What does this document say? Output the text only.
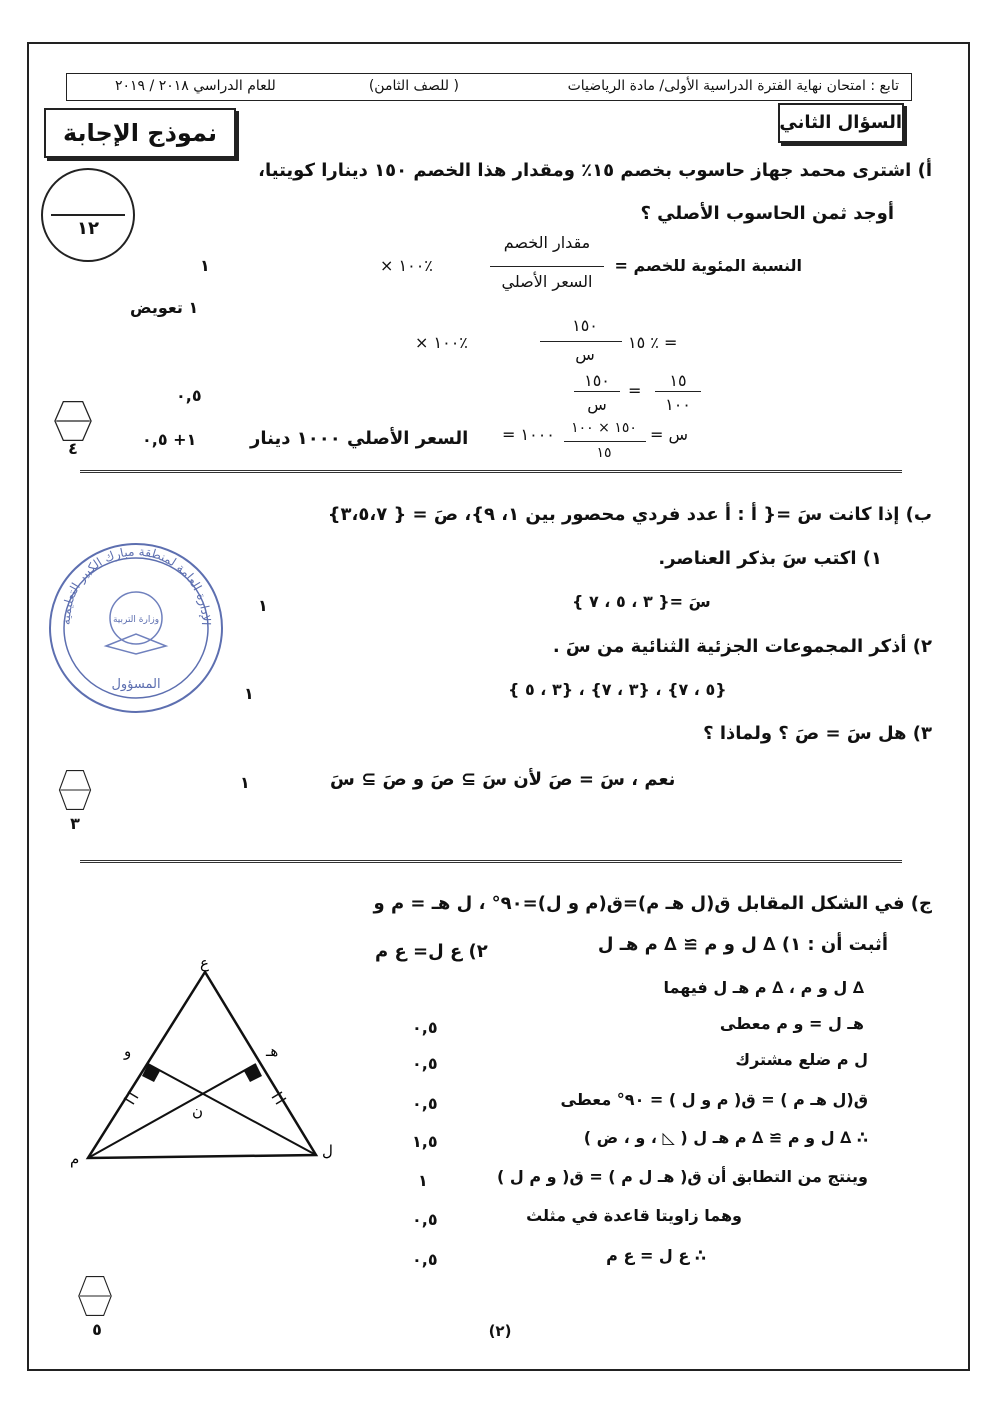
تابع : امتحان نهاية الفترة الدراسية الأولى/ مادة الرياضيات
( للصف الثامن)
للعام الدراسي ٢٠١٨ / ٢٠١٩
نموذج الإجابة	السؤال الثاني
١٢
أ) اشترى محمد جهاز حاسوب بخصم ١٥٪ ومقدار هذا الخصم ١٥٠ دينارا كويتيا،
أوجد ثمن الحاسوب الأصلي ؟
النسبة المئوية للخصم =
مقدار الخصم
السعر الأصلي
× ١٠٠٪
١
١ تعويض
١٥ ٪ =
١٥٠
س
× ١٠٠٪
١٥
١٠٠
=
١٥٠
س
٠,٥
س =
١٥٠ × ١٠٠
١٥
= ١٠٠٠
السعر الأصلي ١٠٠٠ دينار
١+ ٠,٥
٤
ب) إذا كانت سَ ={ أ : أ عدد فردي محصور بين ١، ٩}، صَ = { ٣،٥،٧}
١) اكتب سَ بذكر العناصر.
سَ ={ ٣ ، ٥ ، ٧ }
١
٢) أذكر المجموعات الجزئية الثنائية من سَ .
{ ٣ ، ٥} ، {٣ ، ٧} ، {٥ ، ٧}
١
٣) هل سَ = صَ ؟ ولماذا ؟
نعم ، سَ = صَ لأن سَ ⊇ صَ و صَ ⊇ سَ
١
٣
الإدارة العامة لمنطقة مبارك الكبير التعليمية
وزارة التربية
المسؤول
ج) في الشكل المقابل ق(ل هـ م)=ق(م و ل)=٩٠° ، ل هـ = م و
أثبت أن : ١) ∆ ل و م ≅ ∆ م هـ ل
٢) ع ل= ع م
∆ ل و م ، ∆ م هـ ل فيهما
هـ ل = و م معطى
٠,٥
ل م ضلع مشترك
٠,٥
ق(ل هـ م ) = ق( م و ل ) = ٩٠° معطى
٠,٥
∴ ∆ ل و م ≅ ∆ م هـ ل ( ◺ ، و ، ض )
١,٥
وينتج من التطابق أن ق( هـ ل م ) = ق( و م ل )
١
وهما زاويتا قاعدة في مثلث
٠,٥
∴ ع ل = ع م
٠,٥
ع
م	ل
و	هـ
ن
٥	(٢)
